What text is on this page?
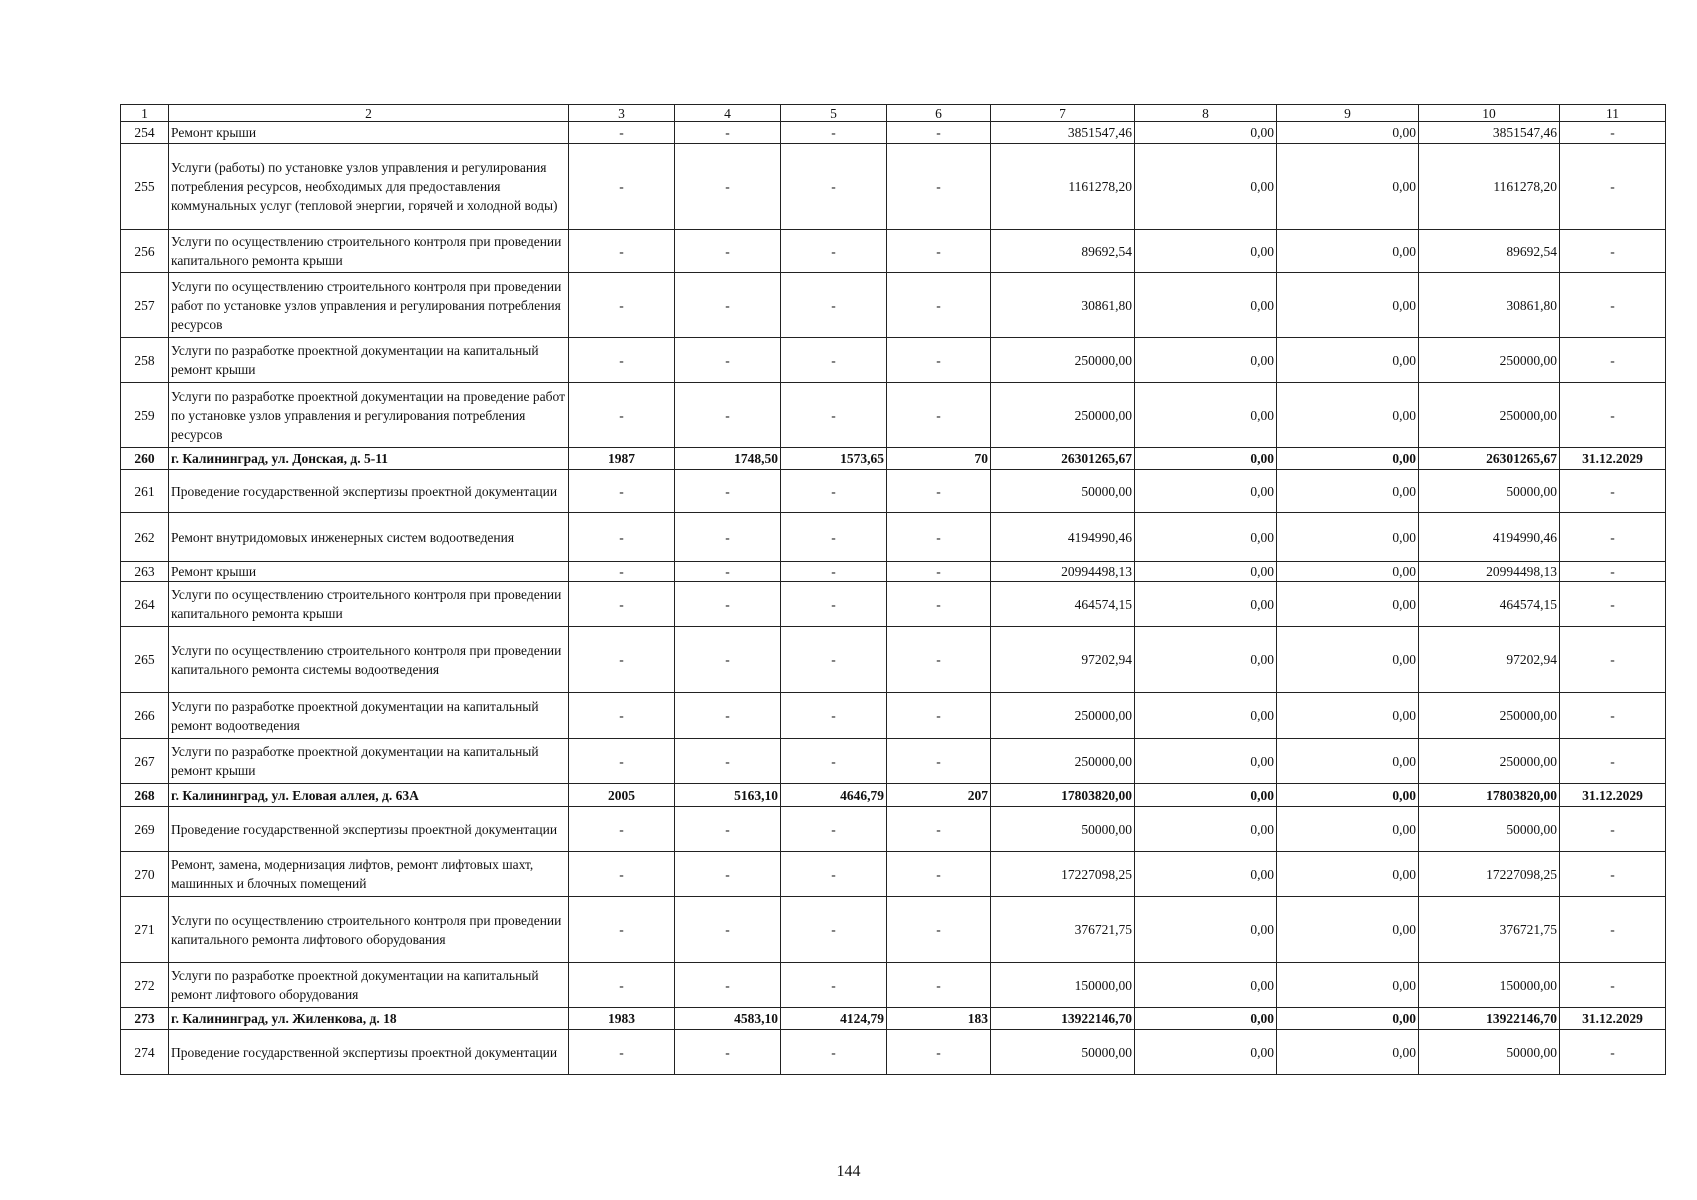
1	2	3	4	5	6	7	8	9	10	11
254	Ремонт крыши	-	-	-	-	3851547,46	0,00	0,00	3851547,46	-
255	Услуги (работы) по установке узлов управления и регулирования потребления ресурсов, необходимых для предоставления коммунальных услуг (тепловой энергии, горячей и холодной воды)	-	-	-	-	1161278,20	0,00	0,00	1161278,20	-
256	Услуги по осуществлению строительного контроля при проведении капитального ремонта крыши	-	-	-	-	89692,54	0,00	0,00	89692,54	-
257	Услуги по осуществлению строительного контроля при проведении работ по установке узлов управления и регулирования потребления ресурсов	-	-	-	-	30861,80	0,00	0,00	30861,80	-
258	Услуги по разработке проектной документации на капитальный ремонт крыши	-	-	-	-	250000,00	0,00	0,00	250000,00	-
259	Услуги по разработке проектной документации на проведение работ по установке узлов управления и регулирования потребления ресурсов	-	-	-	-	250000,00	0,00	0,00	250000,00	-
260	г. Калининград, ул. Донская, д. 5-11	1987	1748,50	1573,65	70	26301265,67	0,00	0,00	26301265,67	31.12.2029
261	Проведение государственной экспертизы проектной документации	-	-	-	-	50000,00	0,00	0,00	50000,00	-
262	Ремонт внутридомовых инженерных систем водоотведения	-	-	-	-	4194990,46	0,00	0,00	4194990,46	-
263	Ремонт крыши	-	-	-	-	20994498,13	0,00	0,00	20994498,13	-
264	Услуги по осуществлению строительного контроля при проведении капитального ремонта крыши	-	-	-	-	464574,15	0,00	0,00	464574,15	-
265	Услуги по осуществлению строительного контроля при проведении капитального ремонта системы водоотведения	-	-	-	-	97202,94	0,00	0,00	97202,94	-
266	Услуги по разработке проектной документации на капитальный ремонт водоотведения	-	-	-	-	250000,00	0,00	0,00	250000,00	-
267	Услуги по разработке проектной документации на капитальный ремонт крыши	-	-	-	-	250000,00	0,00	0,00	250000,00	-
268	г. Калининград, ул. Еловая аллея, д. 63А	2005	5163,10	4646,79	207	17803820,00	0,00	0,00	17803820,00	31.12.2029
269	Проведение государственной экспертизы проектной документации	-	-	-	-	50000,00	0,00	0,00	50000,00	-
270	Ремонт, замена, модернизация лифтов, ремонт лифтовых шахт, машинных и блочных помещений	-	-	-	-	17227098,25	0,00	0,00	17227098,25	-
271	Услуги по осуществлению строительного контроля при проведении капитального ремонта лифтового оборудования	-	-	-	-	376721,75	0,00	0,00	376721,75	-
272	Услуги по разработке проектной документации на капитальный ремонт лифтового оборудования	-	-	-	-	150000,00	0,00	0,00	150000,00	-
273	г. Калининград, ул. Жиленкова, д. 18	1983	4583,10	4124,79	183	13922146,70	0,00	0,00	13922146,70	31.12.2029
274	Проведение государственной экспертизы проектной документации	-	-	-	-	50000,00	0,00	0,00	50000,00	-
144
